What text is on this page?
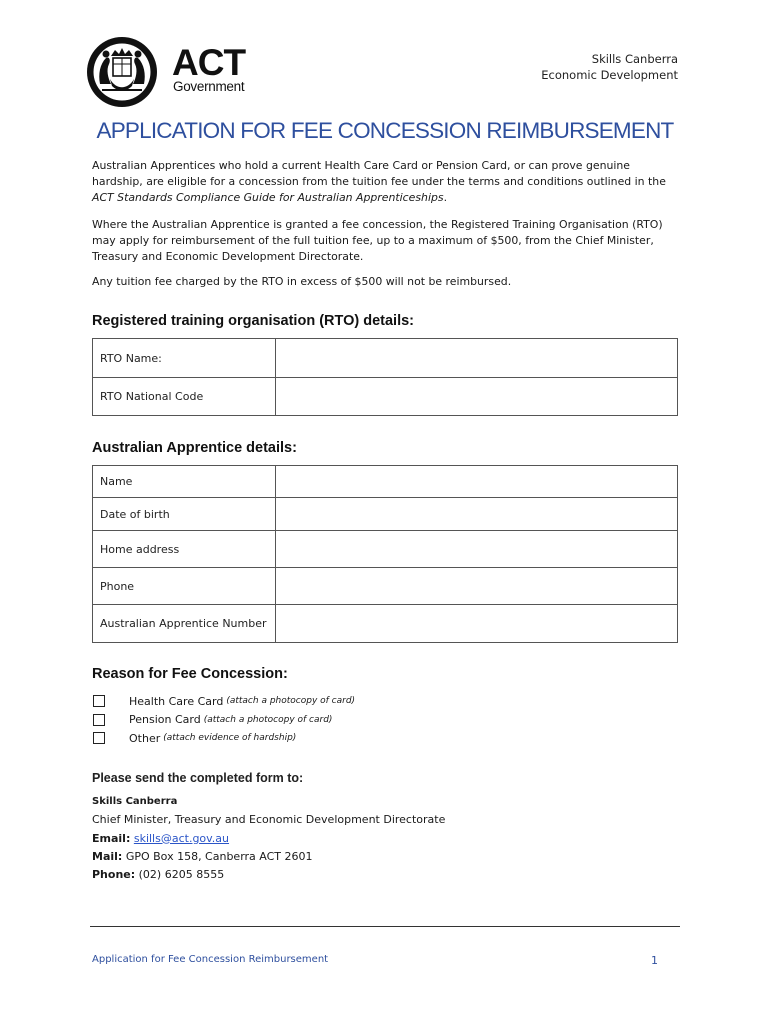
ACT
Government
Skills Canberra
Economic Development
APPLICATION FOR FEE CONCESSION REIMBURSEMENT

Australian Apprentices who hold a current Health Care Card or Pension Card, or can prove genuine hardship, are eligible for a concession from the tuition fee under the terms and conditions outlined in the ACT Standards Compliance Guide for Australian Apprenticeships.

Where the Australian Apprentice is granted a fee concession, the Registered Training Organisation (RTO) may apply for reimbursement of the full tuition fee, up to a maximum of $500, from the Chief Minister, Treasury and Economic Development Directorate.

Any tuition fee charged by the RTO in excess of $500 will not be reimbursed.

Registered training organisation (RTO) details:
RTO Name:	
RTO National Code	
Australian Apprentice details:
Name	
Date of birth	
Home address	
Phone	
Australian Apprentice Number	
Reason for Fee Concession:
Health Care Card (attach a photocopy of card)
Pension Card (attach a photocopy of card)
Other (attach evidence of hardship)
Please send the completed form to:
Skills Canberra
Chief Minister, Treasury and Economic Development Directorate
Email: skills@act.gov.au
Mail: GPO Box 158, Canberra ACT 2601
Phone: (02) 6205 8555
Application for Fee Concession Reimbursement	1
